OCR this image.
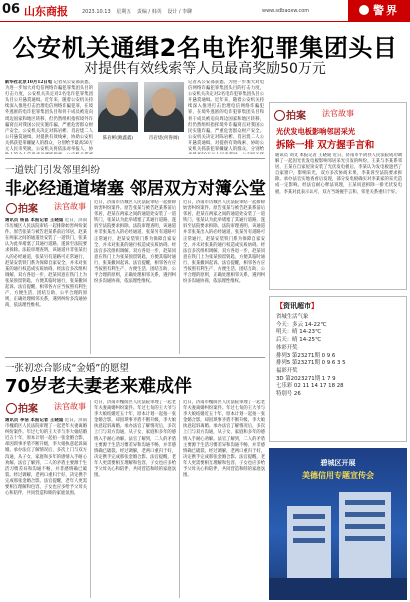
06 山东商报	2023.10.13 星期五 责编 / 韩英 设计 / 李聊	www.sdbaoxw.com	警界
公安机关通缉2名电诈犯罪集团头目
对提供有效线索等人员最高奖励50万元
新华社北京10月12日电 记者从公安部获悉，为进一步加大对电信网络诈骗犯罪集团头目的打击力度，公安机关决定对2名电诈犯罪集团头目公开悬赏通缉。近年来，随着公安机关持续深入推进打击治理电信网络诈骗犯罪，在境外逃匿的电诈犯罪集团头目和骨干成员被迫向周边国家和地区转移，但仍然组织指挥境外诈骗窝点对我国公民实施诈骗，严重危害群众财产安全。公安机关决定对陈岩彬、肖岩烧二人公开悬赏通缉，对提供有效线索、协助公安机关抓获犯罪嫌疑人的群众，分别给予最高50万元人民币奖励。公安机关将依法对举报人、协
陈岩彬(鲍鑫鑫)	肖岩烧(何鲁阔)
记者从公安部获悉，为进一步加大对电信网络诈骗犯罪集团头目的打击力度，公安机关决定对2名电诈犯罪集团头目公开悬赏通缉。近年来，随着公安机关持续深入推进打击治理电信网络诈骗犯罪，在境外逃匿的电诈犯罪集团头目和骨干成员被迫向周边国家和地区转移，但仍然组织指挥境外诈骗窝点对我国公民实施诈骗，严重危害群众财产安全。公安机关决定对陈岩彬、肖岩烧二人公开悬赏通缉，对提供有效线索、协助公安机关抓获犯罪嫌疑人的群众，分别给
拍案 法官故事
光伏发电板影响邻居采光
拆除一排 双方握手言和
通讯员 刘文 本报记者 王晓迪 近日，济南市平阴县人民法院成功调解了一起因光伏发电板影响邻居采光引发的纠纷。王某与李某系邻居，王某在自家屋顶安装了光伏发电板后，李某认为发电板遮挡了自家窗户，影响采光，双方多次协商未果，李某诉至法院要求拆除。承办法官实地查看后发现，部分发电板确实对李某家的采光造成一定影响。经法官耐心释法说理，王某同意拆除一排光伏发电板，李某对此表示认可，双方当场握手言和，邻里关系重归于好。
一道铁门引发邻里纠纷
非必经通道堵塞 邻居双方对簿公堂
拍案 法官故事
通讯员 杨昌 本报记者 王晓迪 近日，济南市历城区人民法院审结一起排除妨害纠纷案件。原告张某与被告赵某系前后邻居，赵某在两家之间的通道处安装了一道铁门，张某认为此举堵塞了其通行道路，遂诉至法院要求拆除。法院审理查明，该通道并非张某出入的必经通道，张某另有道路可正常通行，赵某安装铁门系为保障自家安全，并未对张某的通行权造成实质妨碍。经法官多次组织调解，双方各退一步，赵某同意在铁门上为张某预留钥匙，方便其临时通行，张某撤回起诉。法官提醒，相邻各方应当按照有利生产、方便生活、团结互助、公平合理的原则，正确处理相邻关系，遇到纠纷多沟通协商，依法理性维权。
近日，济南市历城区人民法院审结一起排除妨害纠纷案件。原告张某与被告赵某系前后邻居，赵某在两家之间的通道处安装了一道铁门，张某认为此举堵塞了其通行道路，遂诉至法院要求拆除。法院审理查明，该通道并非张某出入的必经通道，张某另有道路可正常通行，赵某安装铁门系为保障自家安全，并未对张某的通行权造成实质妨碍。经法官多次组织调解，双方各退一步，赵某同意在铁门上为张某预留钥匙，方便其临时通行，张某撤回起诉。法官提醒，相邻各方应当按照有利生产、方便生活、团结互助、公平合理的原则，正确处理相邻关系，遇到纠纷多沟通协商，依法理性维权。
近日，济南市历城区人民法院审结一起排除妨害纠纷案件。原告张某与被告赵某系前后邻居，赵某在两家之间的通道处安装了一道铁门，张某认为此举堵塞了其通行道路，遂诉至法院要求拆除。法院审理查明，该通道并非张某出入的必经通道，张某另有道路可正常通行，赵某安装铁门系为保障自家安全，并未对张某的通行权造成实质妨碍。经法官多次组织调解，双方各退一步，赵某同意在铁门上为张某预留钥匙，方便其临时通行，张某撤回起诉。法官提醒，相邻各方应当按照有利生产、方便生活、团结互助、公平合理的原则，正确处理相邻关系，遇到纠纷多沟通协商，依法理性维权。
【资讯超市】
省城生活气象
今天：多云 14-22℃
明天：晴 14-23℃
后天：晴 14-25℃
体彩开奖
排列3 第23271期 0 9 6
排列5 第23271期 0 9 6 3 5
福彩开奖
3D 第2023271期 1 7 9
七乐彩 02 11 14 17 18 28
特别号 26
一张初恋合影成“金婚”的愿望
70岁老夫妻老来难成伴
拍案 法官故事
通讯员 李洁 本报记者 王晓迪 近日，济南市槐荫区人民法院审理了一起老年夫妻离婚纠纷案件。年过七旬的王大爷与李大娘结婚近五十年，原本计划一起拍一张金婚合影，却因琐事矛盾不断升级，李大娘执意起诉离婚。承办法官了解情况后，多次上门与双方沟通，从子女、家庭和多年的感情入手耐心劝解。法官了解到，二人的矛盾主要源于生活习惯差异和沟通不畅，并非感情确已破裂。经过调解，老两口重归于好，决定携手完成那张金婚合影。法官提醒，老年人更需要相互理解和包容，子女也应多给予父母关心和陪伴，共同营造和睦的家庭氛围。
近日，济南市槐荫区人民法院审理了一起老年夫妻离婚纠纷案件。年过七旬的王大爷与李大娘结婚近五十年，原本计划一起拍一张金婚合影，却因琐事矛盾不断升级，李大娘执意起诉离婚。承办法官了解情况后，多次上门与双方沟通，从子女、家庭和多年的感情入手耐心劝解。法官了解到，二人的矛盾主要源于生活习惯差异和沟通不畅，并非感情确已破裂。经过调解，老两口重归于好，决定携手完成那张金婚合影。法官提醒，老年人更需要相互理解和包容，子女也应多给予父母关心和陪伴，共同营造和睦的家庭氛围。
近日，济南市槐荫区人民法院审理了一起老年夫妻离婚纠纷案件。年过七旬的王大爷与李大娘结婚近五十年，原本计划一起拍一张金婚合影，却因琐事矛盾不断升级，李大娘执意起诉离婚。承办法官了解情况后，多次上门与双方沟通，从子女、家庭和多年的感情入手耐心劝解。法官了解到，二人的矛盾主要源于生活习惯差异和沟通不畅，并非感情确已破裂。经过调解，老两口重归于好，决定携手完成那张金婚合影。法官提醒，老年人更需要相互理解和包容，子女也应多给予父母关心和陪伴，共同营造和睦的家庭氛围。
碧城区开展
美德信用专题宣传会
